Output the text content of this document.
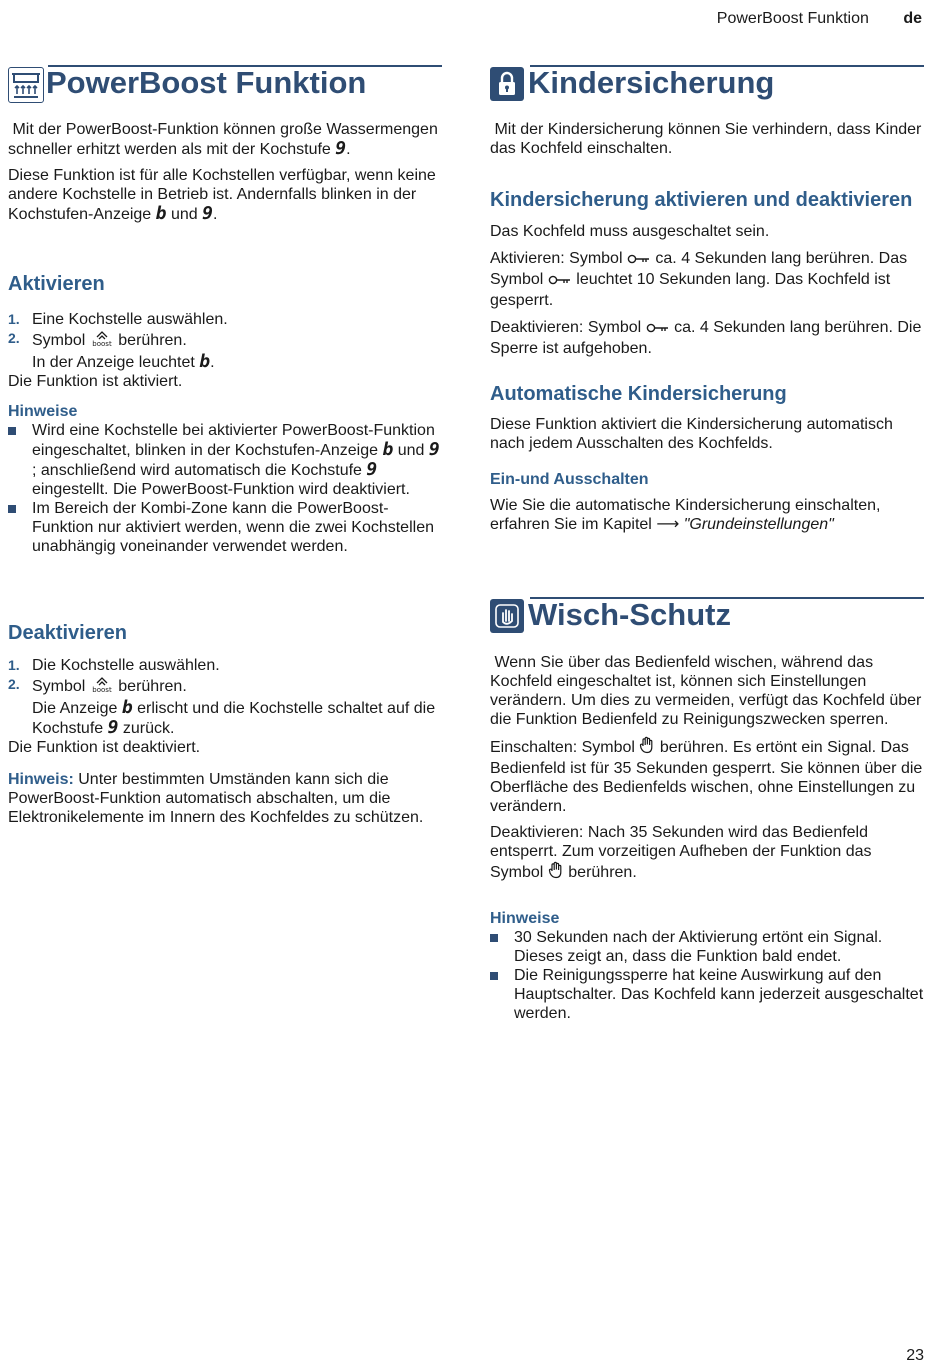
PowerBoost Funktion de
PowerBoost Funktion

Mit der PowerBoost-Funktion können große Wassermengen schneller erhitzt werden als mit der Kochstufe 9.

Diese Funktion ist für alle Kochstellen verfügbar, wenn keine andere Kochstelle in Betrieb ist. Andernfalls blinken in der Kochstufen-Anzeige b und 9.

Aktivieren

1. Eine Kochstelle auswählen.
2. Symbol boost berühren.
In der Anzeige leuchtet b.

Die Funktion ist aktiviert.

Hinweise

Wird eine Kochstelle bei aktivierter PowerBoost-Funktion eingeschaltet, blinken in der Kochstufen-Anzeige b und 9; anschließend wird automatisch die Kochstufe 9 eingestellt. Die PowerBoost-Funktion wird deaktiviert.
Im Bereich der Kombi-Zone kann die PowerBoost-Funktion nur aktiviert werden, wenn die zwei Kochstellen unabhängig voneinander verwendet werden.

Deaktivieren

1. Die Kochstelle auswählen.
2. Symbol boost berühren.
Die Anzeige b erlischt und die Kochstelle schaltet auf die Kochstufe 9 zurück.

Die Funktion ist deaktiviert.

Hinweis: Unter bestimmten Umständen kann sich die PowerBoost-Funktion automatisch abschalten, um die Elektronikelemente im Innern des Kochfeldes zu schützen.

Kindersicherung

Mit der Kindersicherung können Sie verhindern, dass Kinder das Kochfeld einschalten.

Kindersicherung aktivieren und deaktivieren

Das Kochfeld muss ausgeschaltet sein.

Aktivieren: Symbol ca. 4 Sekunden lang berühren. Das Symbol leuchtet 10 Sekunden lang. Das Kochfeld ist gesperrt.

Deaktivieren: Symbol ca. 4 Sekunden lang berühren. Die Sperre ist aufgehoben.

Automatische Kindersicherung

Diese Funktion aktiviert die Kindersicherung automatisch nach jedem Ausschalten des Kochfelds.

Ein-und Ausschalten

Wie Sie die automatische Kindersicherung einschalten, erfahren Sie im Kapitel ⟶ "Grundeinstellungen"

Wisch-Schutz

Wenn Sie über das Bedienfeld wischen, während das Kochfeld eingeschaltet ist, können sich Einstellungen verändern. Um dies zu vermeiden, verfügt das Kochfeld über die Funktion Bedienfeld zu Reinigungszwecken sperren.

Einschalten: Symbol berühren. Es ertönt ein Signal. Das Bedienfeld ist für 35 Sekunden gesperrt. Sie können über die Oberfläche des Bedienfelds wischen, ohne Einstellungen zu verändern.

Deaktivieren: Nach 35 Sekunden wird das Bedienfeld entsperrt. Zum vorzeitigen Aufheben der Funktion das Symbol berühren.

Hinweise

30 Sekunden nach der Aktivierung ertönt ein Signal. Dieses zeigt an, dass die Funktion bald endet.
Die Reinigungssperre hat keine Auswirkung auf den Hauptschalter. Das Kochfeld kann jederzeit ausgeschaltet werden.
23
